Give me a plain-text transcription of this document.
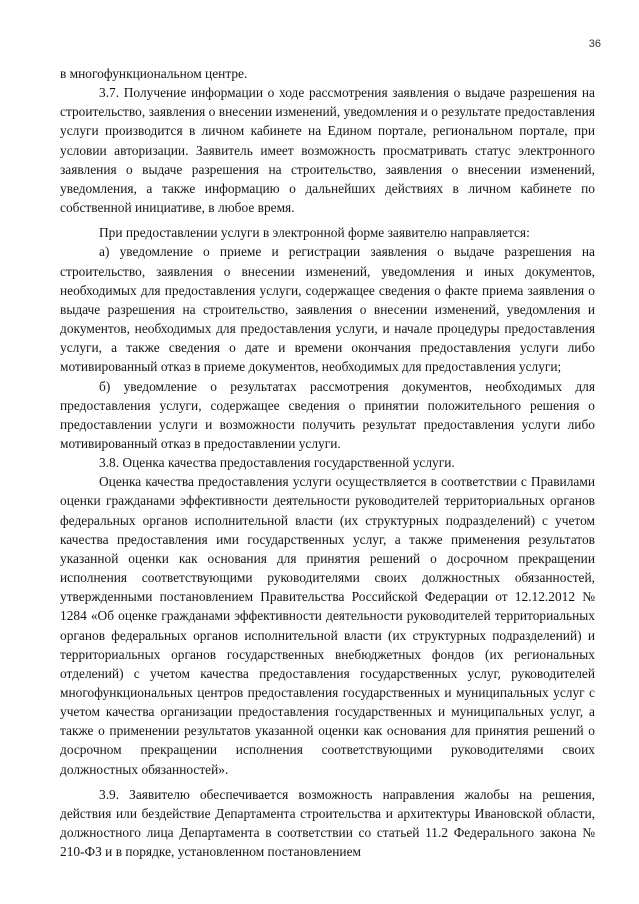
36

в многофункциональном центре.

3.7. Получение информации о ходе рассмотрения заявления о выдаче разрешения на строительство, заявления о внесении изменений, уведомления и о результате предоставления услуги производится в личном кабинете на Едином портале, региональном портале, при условии авторизации. Заявитель имеет возможность просматривать статус электронного заявления о выдаче разрешения на строительство, заявления о внесении изменений, уведомления, а также информацию о дальнейших действиях в личном кабинете по собственной инициативе, в любое время.

При предоставлении услуги в электронной форме заявителю направляется:

а) уведомление о приеме и регистрации заявления о выдаче разрешения на строительство, заявления о внесении изменений, уведомления и иных документов, необходимых для предоставления услуги, содержащее сведения о факте приема заявления о выдаче разрешения на строительство, заявления о внесении изменений, уведомления и документов, необходимых для предоставления услуги, и начале процедуры предоставления услуги, а также сведения о дате и времени окончания предоставления услуги либо мотивированный отказ в приеме документов, необходимых для предоставления услуги;

б) уведомление о результатах рассмотрения документов, необходимых для предоставления услуги, содержащее сведения о принятии положительного решения о предоставлении услуги и возможности получить результат предоставления услуги либо мотивированный отказ в предоставлении услуги.

3.8. Оценка качества предоставления государственной услуги.

Оценка качества предоставления услуги осуществляется в соответствии с Правилами оценки гражданами эффективности деятельности руководителей территориальных органов федеральных органов исполнительной власти (их структурных подразделений) с учетом качества предоставления ими государственных услуг, а также применения результатов указанной оценки как основания для принятия решений о досрочном прекращении исполнения соответствующими руководителями своих должностных обязанностей, утвержденными постановлением Правительства Российской Федерации от 12.12.2012 № 1284 «Об оценке гражданами эффективности деятельности руководителей территориальных органов федеральных органов исполнительной власти (их структурных подразделений) и территориальных органов государственных внебюджетных фондов (их региональных отделений) с учетом качества предоставления государственных услуг, руководителей многофункциональных центров предоставления государственных и муниципальных услуг с учетом качества организации предоставления государственных и муниципальных услуг, а также о применении результатов указанной оценки как основания для принятия решений о досрочном прекращении исполнения соответствующими руководителями своих должностных обязанностей».

3.9. Заявителю обеспечивается возможность направления жалобы на решения, действия или бездействие Департамента строительства и архитектуры Ивановской области, должностного лица Департамента в соответствии со статьей 11.2 Федерального закона № 210-ФЗ и в порядке, установленном постановлением
